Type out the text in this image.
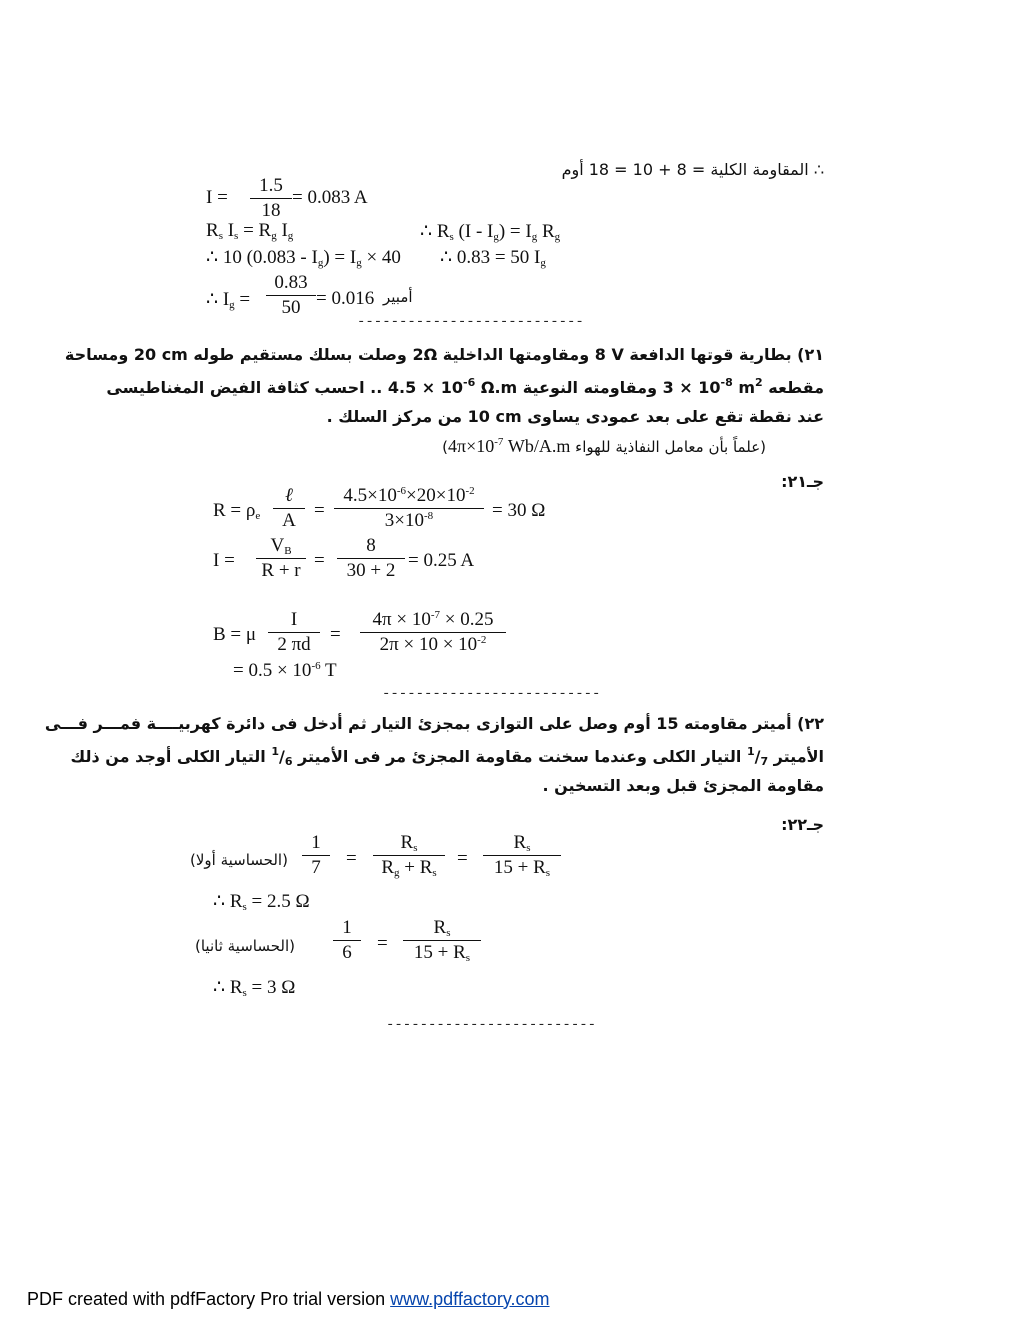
∴ المقاومة الكلية = 8 + 10 = 18 أوم
$I = \frac{1.5}{18} = 0.083$ A
$R_s$ $I_s = R_g$ $I_g$	∴ $R_s$ $(I - I_g) = I_g$ $R_g$
∴ 10 $(0.083 - I_g) = I_g \times 40$ ∴ 0.83 = 50 $I_g$
∴ $I_g = \frac{0.83}{50} = 0.016$ أمبير
---------------------------
٢١) بطارية قوتها الدافعة 8 V ومقاومتها الداخلية 2Ω وصلت بسلك مستقيم طوله 20 cm ومساحة
مقطعه $3 \times 10^{-8}$ $m^2$ ومقاومته النوعية $4.5 \times 10^{-6}$ Ω.m .. احسب كثافة الفيض المغناطيسى
عند نقطة تقع على بعد عمودى يساوى 10 cm من مركز السلك .
(علماً بأن معامل النفاذية للهواء $4\pi\times 10^{-7}$ Wb/A.m)
جـ٢١:
$R = \rho_e$
ℓ
$A = \frac{4.5\times 10^{-6}\times 20\times 10^{-2}}{3\times 10^{-8}} = 30$ Ω
$I = \frac{V_B}{R + r} = \frac{8}{30 + 2} = 0.25$ A
B = μ $\frac{I}{2 \pi d} = \frac{4\pi \times 10^{-7} \times 0.25}{2\pi \times 10 \times 10^{-2}}$
= $0.5 \times 10^{-6}$ T
--------------------------
٢٢) أميتر مقاومته 15 أوم وصل على التوازى بمجزئ التيار ثم أدخل فى دائرة كهربيــــة فمـــر فـــى
الأميتر $^1/_7$ التيار الكلى وعندما سخنت مقاومة المجزئ مر فى الأميتر $^1/_6$ التيار الكلى أوجد من ذلك
مقاومة المجزئ قبل وبعد التسخين .
جـ٢٢:
(الحساسية أولا) $\frac{1}{7} = \frac{R_s}{R_g + R_s} = \frac{R_s}{15 + R_s}$
∴ $R_s = 2.5$ Ω
(الحساسية ثانيا) $\frac{1}{6} = \frac{R_s}{15 + R_s}$
∴ $R_s = 3$ Ω
-------------------------
PDF created with pdfFactory Pro trial version www.pdffactory.com
